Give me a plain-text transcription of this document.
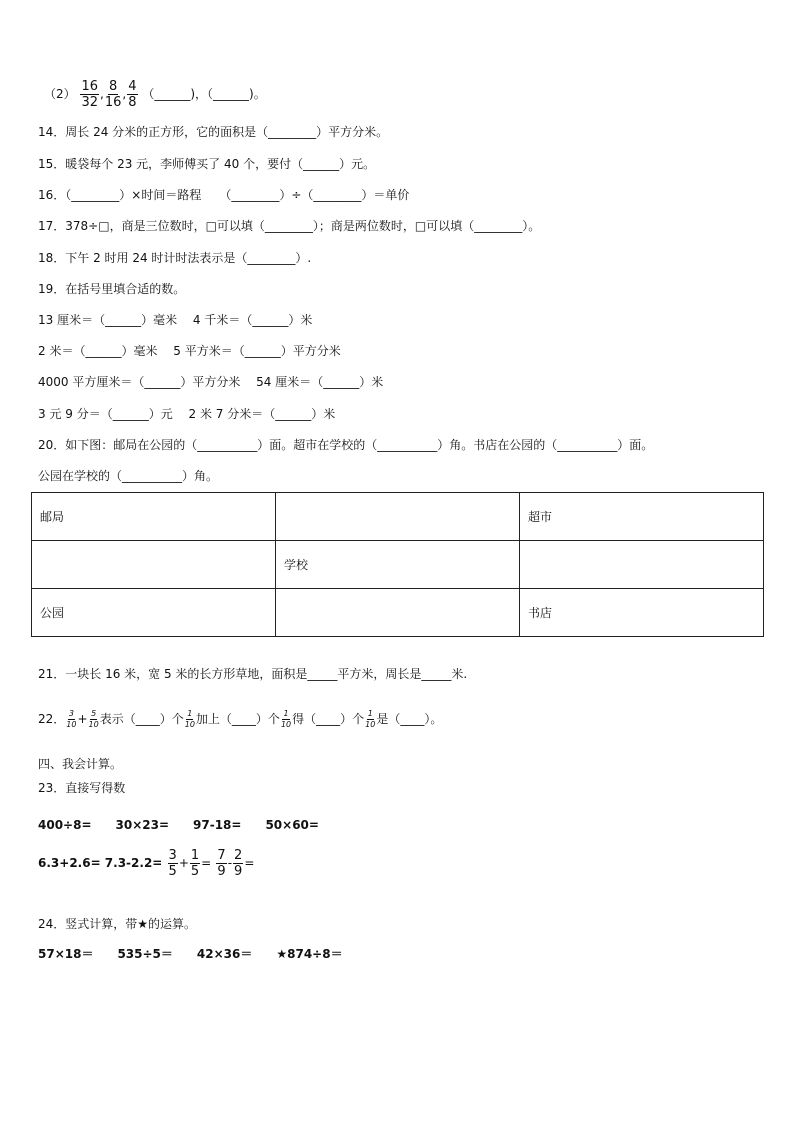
$(2) \frac{16}{32}$ , $\frac{8}{16}$ , $\frac{4}{8}$ （______)，（______)。
14．周长 24 分米的正方形，它的面积是（________）平方分米。
15．暖袋每个 23 元，李师傅买了 40 个，要付（______）元。
16．（________）×时间＝路程　　（________）÷（________）＝单价
17．378÷□，商是三位数时，□可以填（________）；商是两位数时，□可以填（________）。
18．下午 2 时用 24 时计时法表示是（________）.
19．在括号里填合适的数。
13 厘米＝（______）毫米　 4 千米＝（______）米
2 米＝（______）毫米　 5 平方米＝（______）平方分米
4000 平方厘米＝（______）平方分米　 54 厘米＝（______）米
3 元 9 分＝（______）元　 2 米 7 分米＝（______）米
20．如下图：邮局在公园的（__________）面。超市在学校的（__________）角。书店在公园的（__________）面。
公园在学校的（__________）角。
邮局		超市
	学校	
公园		书店
21．一块长 16 米，宽 5 米的长方形草地，面积是_____平方米，周长是_____米.
22． $\frac{3}{10} + \frac{5}{10}$ 表示（____）个 $\frac{1}{10}$ 加上（____）个 $\frac{1}{10}$ 得（____）个 $\frac{1}{10}$ 是（____）。
四、我会计算。
23．直接写得数
400÷8=　　30×23=　　97-18=　　50×60=
$6.3+2.6= 7.3-2.2= \frac{3}{5} + \frac{1}{5} = \frac{7}{9} - \frac{2}{9}$ =
24．竖式计算，带★的运算。
57×18＝　　535÷5＝　　42×36＝　　★874÷8＝
